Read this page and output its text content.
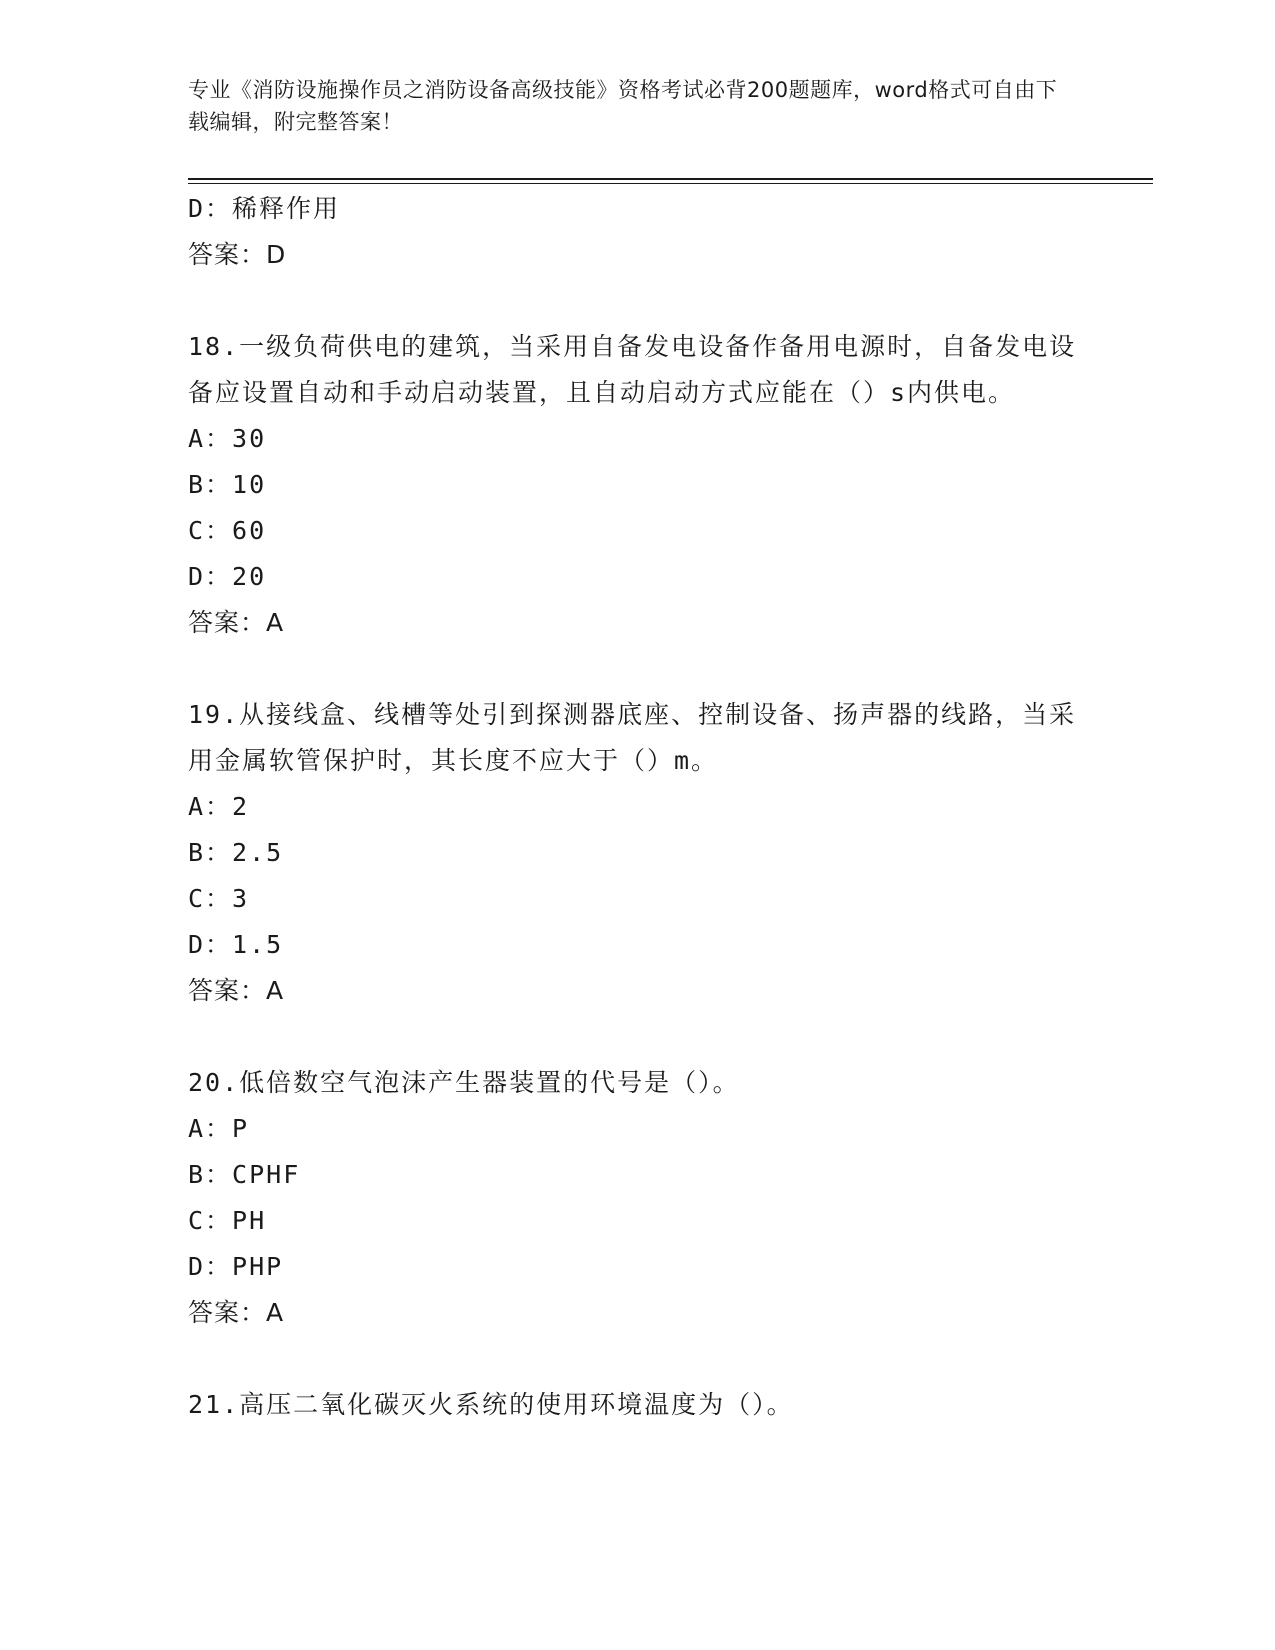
专业《消防设施操作员之消防设备高级技能》资格考试必背200题题库，word格式可自由下载编辑，附完整答案！
D：稀释作用
答案：D
18.一级负荷供电的建筑，当采用自备发电设备作备用电源时，自备发电设备应设置自动和手动启动装置，且自动启动方式应能在（）s内供电。
A：30
B：10
C：60
D：20
答案：A
19.从接线盒、线槽等处引到探测器底座、控制设备、扬声器的线路，当采用金属软管保护时，其长度不应大于（）m。
A：2
B：2.5
C：3
D：1.5
答案：A
20.低倍数空气泡沫产生器装置的代号是（）。
A：P
B：CPHF
C：PH
D：PHP
答案：A
21.高压二氧化碳灭火系统的使用环境温度为（）。
